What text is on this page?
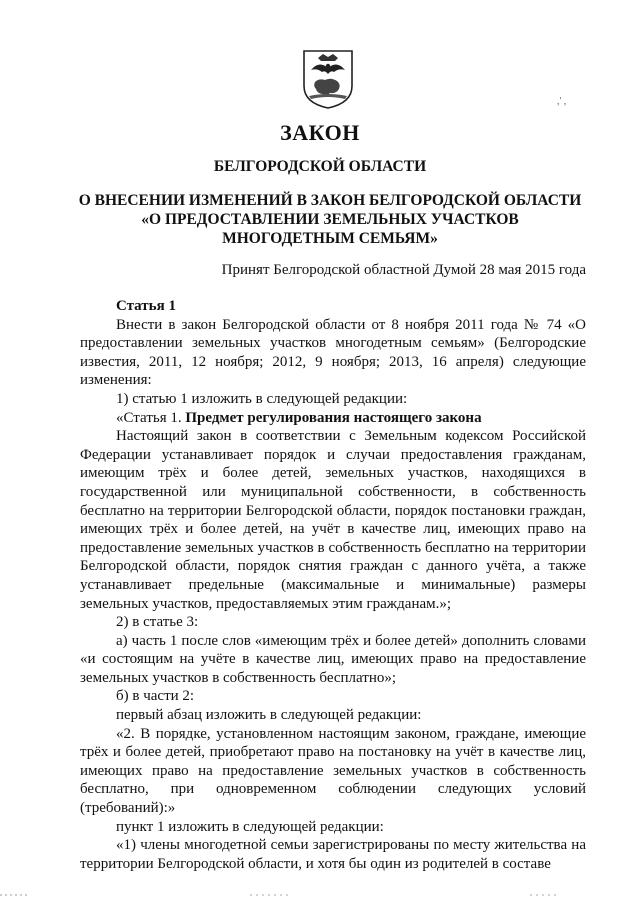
,' ,
ЗАКОН
БЕЛГОРОДСКОЙ ОБЛАСТИ
О ВНЕСЕНИИ ИЗМЕНЕНИЙ В ЗАКОН БЕЛГОРОДСКОЙ ОБЛАСТИ
«О ПРЕДОСТАВЛЕНИИ ЗЕМЕЛЬНЫХ УЧАСТКОВ
МНОГОДЕТНЫМ СЕМЬЯМ»
Принят Белгородской областной Думой 28 мая 2015 года

Статья 1

Внести в закон Белгородской области от 8 ноября 2011 года № 74 «О предоставлении земельных участков многодетным семьям» (Белгородские известия, 2011, 12 ноября; 2012, 9 ноября; 2013, 16 апреля) следующие изменения:

1) статью 1 изложить в следующей редакции:

«Статья 1. Предмет регулирования настоящего закона

Настоящий закон в соответствии с Земельным кодексом Российской Федерации устанавливает порядок и случаи предоставления гражданам, имеющим трёх и более детей, земельных участков, находящихся в государственной или муниципальной собственности, в собственность бесплатно на территории Белгородской области, порядок постановки граждан, имеющих трёх и более детей, на учёт в качестве лиц, имеющих право на предоставление земельных участков в собственность бесплатно на территории Белгородской области, порядок снятия граждан с данного учёта, а также устанавливает предельные (максимальные и минимальные) размеры земельных участков, предоставляемых этим гражданам.»;

2) в статье 3:

а) часть 1 после слов «имеющим трёх и более детей» дополнить словами «и состоящим на учёте в качестве лиц, имеющих право на предоставление земельных участков в собственность бесплатно»;

б) в части 2:

первый абзац изложить в следующей редакции:

«2. В порядке, установленном настоящим законом, граждане, имеющие трёх и более детей, приобретают право на постановку на учёт в качестве лиц, имеющих право на предоставление земельных участков в собственность бесплатно, при одновременном соблюдении следующих условий (требований):»

пункт 1 изложить в следующей редакции:

«1) члены многодетной семьи зарегистрированы по месту жительства на территории Белгородской области, и хотя бы один из родителей в составе
